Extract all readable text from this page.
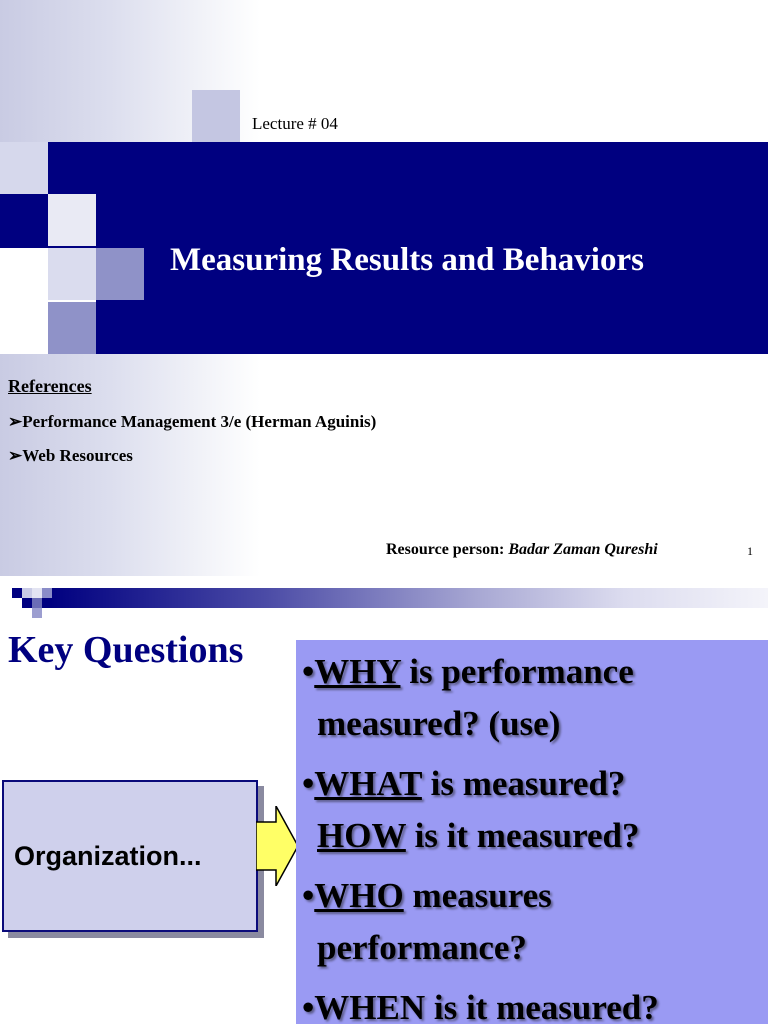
Lecture # 04
Measuring Results and Behaviors
References
➢Performance Management 3/e (Herman Aguinis)
➢Web Resources
Resource person: Badar Zaman Qureshi	1
Key Questions
Organization...
•WHY is performance
measured? (use)
•WHAT is measured?
HOW is it measured?
•WHO measures
performance?
•WHEN is it measured?
